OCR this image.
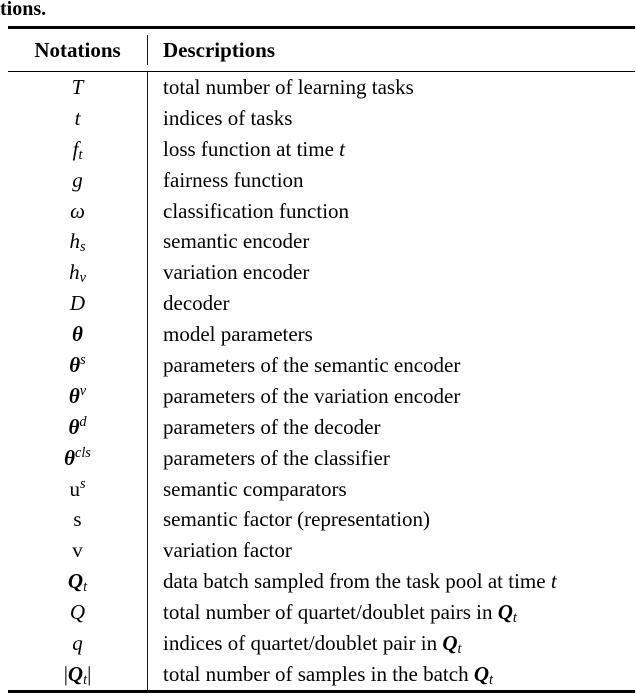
tions.
Notations	Descriptions
T	total number of learning tasks
t	indices of tasks
ft	loss function at time t
g	fairness function
ω	classification function
hs	semantic encoder
hv	variation encoder
D	decoder
θ	model parameters
$\theta^s$	parameters of the semantic encoder
$\theta^v$	parameters of the variation encoder
$\theta^d$	parameters of the decoder
$\theta^{cls}$	parameters of the classifier
$u^s$	semantic comparators
s	semantic factor (representation)
v	variation factor
Qt	data batch sampled from the task pool at time t
Q	total number of quartet/doublet pairs in Qt
q	indices of quartet/doublet pair in Qt
|Qt|	total number of samples in the batch Qt
